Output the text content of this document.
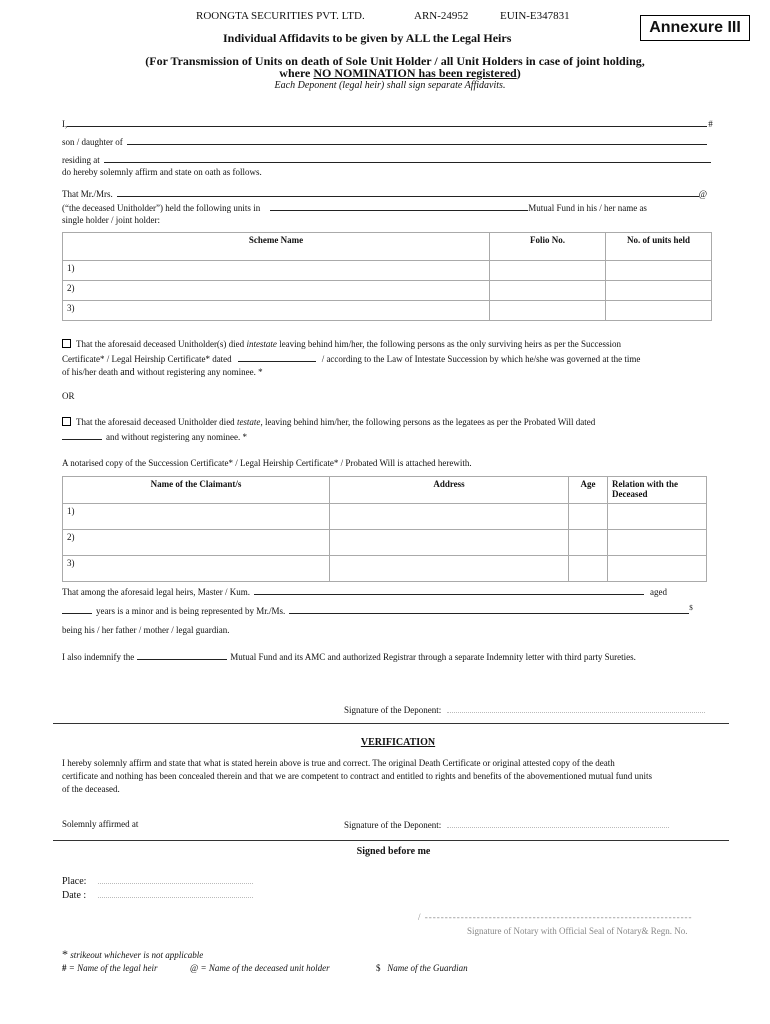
ROONGTA SECURITIES PVT. LTD.	ARN-24952	EUIN-E347831
Annexure III
Individual Affidavits to be given by ALL the Legal Heirs
(For Transmission of Units on death of Sole Unit Holder / all Unit Holders in case of joint holding,
where NO NOMINATION has been registered)
Each Deponent (legal heir) shall sign separate Affidavits.
I,	#
son / daughter of
residing at
do hereby solemnly affirm and state on oath as follows.
That Mr./Mrs.	@
(“the deceased Unitholder”) held the following units in	Mutual Fund in his / her name as
single holder / joint holder:
Scheme Name	Folio No.	No. of units held
1)		
2)		
3)		
That the aforesaid deceased Unitholder(s) died intestate leaving behind him/her, the following persons as the only surviving heirs as per the Succession
Certificate* / Legal Heirship Certificate* dated	/ according to the Law of Intestate Succession by which he/she was governed at the time
of his/her death and without registering any nominee. *
OR
That the aforesaid deceased Unitholder died testate, leaving behind him/her, the following persons as the legatees as per the Probated Will dated
and without registering any nominee. *
A notarised copy of the Succession Certificate* / Legal Heirship Certificate* / Probated Will is attached herewith.
Name of the Claimant/s	Address	Age	Relation with the Deceased
1)			
2)			
3)			
That among the aforesaid legal heirs, Master / Kum.	aged
years is a minor and is being represented by Mr./Ms.	$
being his / her father / mother / legal guardian.
I also indemnify the	Mutual Fund and its AMC and authorized Registrar through a separate Indemnity letter with third party Sureties.
Signature of the Deponent:
VERIFICATION
I hereby solemnly affirm and state that what is stated herein above is true and correct. The original Death Certificate or original attested copy of the death
certificate and nothing has been concealed therein and that we are competent to contract and entitled to rights and benefits of the abovementioned mutual fund units
of the deceased.
Solemnly affirmed at	Signature of the Deponent:
Signed before me
Place:
Date :
/ -------------------------------------------------------------------
Signature of Notary with Official Seal of Notary& Regn. No.
* strikeout whichever is not applicable
# = Name of the legal heir	@ = Name of the deceased unit holder	$ Name of the Guardian
